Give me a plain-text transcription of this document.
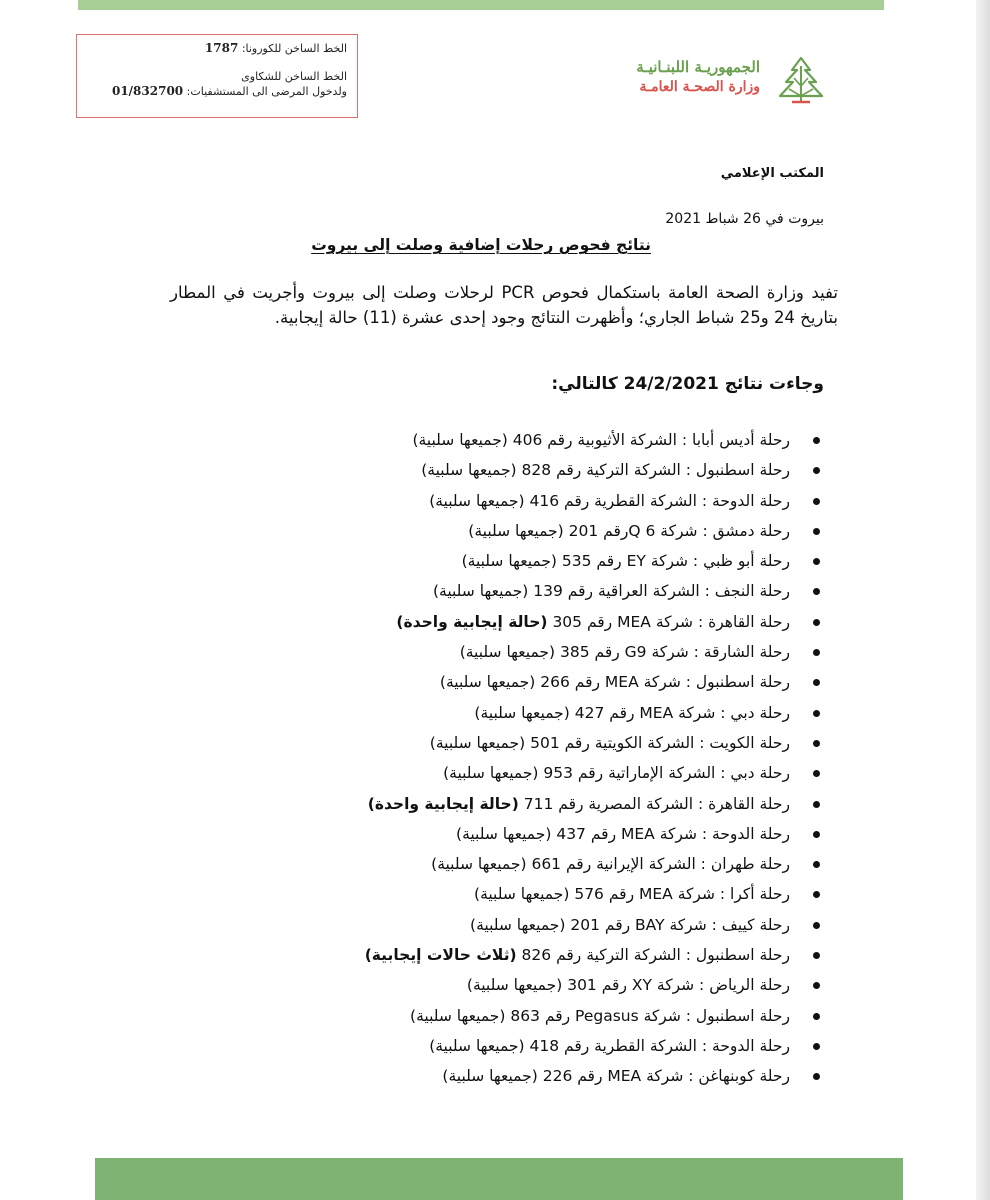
الخط الساخن للكورونا: 1787
الخط الساخن للشكاوى
ولدخول المرضى الى المستشفيات: 01/832700
الجمهوريـة اللبنـانيـة
وزارة الصحـة العامـة
المكتب الإعلامي
بيروت في 26 شباط 2021
نتائج فحوص رحلات إضافية وصلت إلى بيروت
تفيد وزارة الصحة العامة باستكمال فحوص PCR لرحلات وصلت إلى بيروت وأجريت في المطار بتاريخ 24 و25 شباط الجاري؛ وأظهرت النتائج وجود إحدى عشرة (11) حالة إيجابية.
وجاءت نتائج 24/2/2021 كالتالي:
رحلة أديس أبابا : الشركة الأثيوبية رقم 406 (جميعها سلبية)
رحلة اسطنبول : الشركة التركية رقم 828 (جميعها سلبية)
رحلة الدوحة : الشركة القطرية رقم 416 (جميعها سلبية)
رحلة دمشق : شركة 6 Qرقم 201 (جميعها سلبية)
رحلة أبو ظبي : شركة EY رقم 535 (جميعها سلبية)
رحلة النجف : الشركة العراقية رقم 139 (جميعها سلبية)
رحلة القاهرة : شركة MEA رقم 305 (حالة إيجابية واحدة)
رحلة الشارقة : شركة G9 رقم 385 (جميعها سلبية)
رحلة اسطنبول : شركة MEA رقم 266 (جميعها سلبية)
رحلة دبي : شركة MEA رقم 427 (جميعها سلبية)
رحلة الكويت : الشركة الكويتية رقم 501 (جميعها سلبية)
رحلة دبي : الشركة الإماراتية رقم 953 (جميعها سلبية)
رحلة القاهرة : الشركة المصرية رقم 711 (حالة إيجابية واحدة)
رحلة الدوحة : شركة MEA رقم 437 (جميعها سلبية)
رحلة طهران : الشركة الإيرانية رقم 661 (جميعها سلبية)
رحلة أكرا : شركة MEA رقم 576 (جميعها سلبية)
رحلة كييف : شركة BAY رقم 201 (جميعها سلبية)
رحلة اسطنبول : الشركة التركية رقم 826 (ثلاث حالات إيجابية)
رحلة الرياض : شركة XY رقم 301 (جميعها سلبية)
رحلة اسطنبول : شركة Pegasus رقم 863 (جميعها سلبية)
رحلة الدوحة : الشركة القطرية رقم 418 (جميعها سلبية)
رحلة كوبنهاغن : شركة MEA رقم 226 (جميعها سلبية)
